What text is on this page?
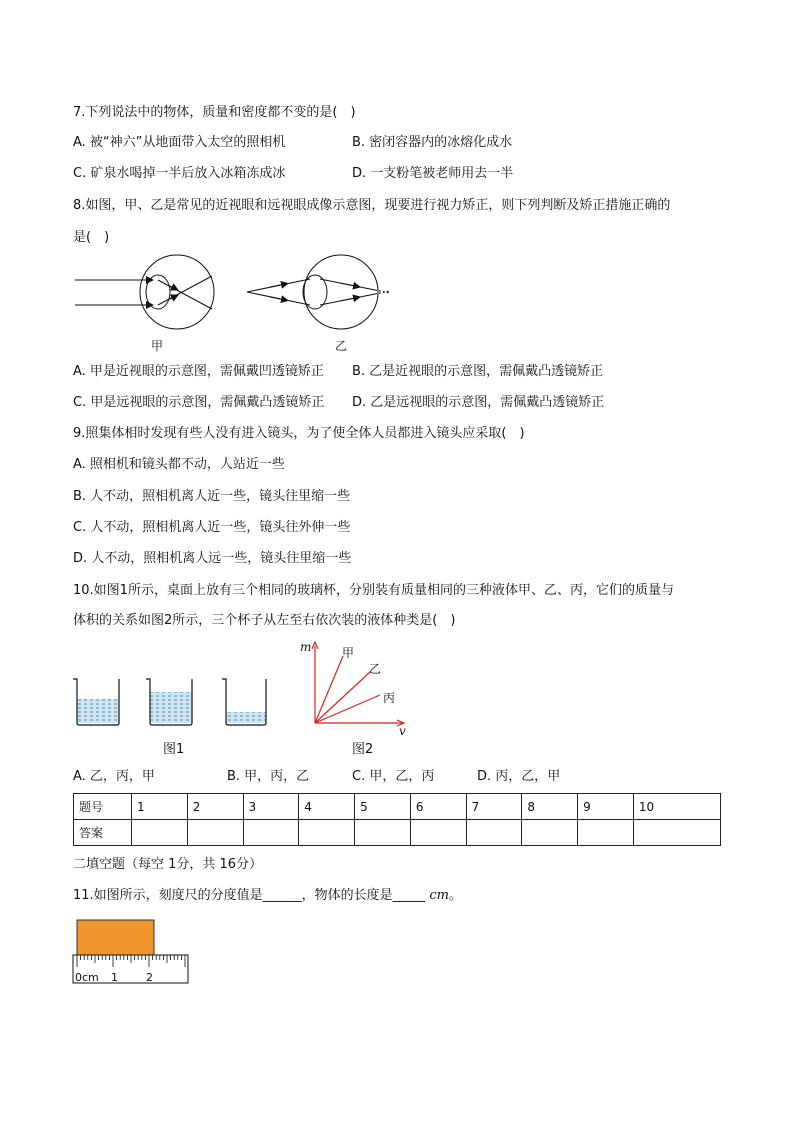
7.下列说法中的物体，质量和密度都不变的是(　)
A. 被“神六”从地面带入太空的照相机	B. 密闭容器内的冰熔化成水
C. 矿泉水喝掉一半后放入冰箱冻成冰	D. 一支粉笔被老师用去一半
8.如图，甲、乙是常见的近视眼和远视眼成像示意图，现要进行视力矫正，则下列判断及矫正措施正确的
是(　)
甲	乙
A. 甲是近视眼的示意图，需佩戴凹透镜矫正 B. 乙是近视眼的示意图，需佩戴凸透镜矫正
C. 甲是远视眼的示意图，需佩戴凸透镜矫正 D. 乙是远视眼的示意图，需佩戴凸透镜矫正
9.照集体相时发现有些人没有进入镜头，为了使全体人员都进入镜头应采取(　)
A. 照相机和镜头都不动，人站近一些
B. 人不动，照相机离人近一些，镜头往里缩一些
C. 人不动，照相机离人近一些，镜头往外伸一些
D. 人不动，照相机离人远一些，镜头往里缩一些
10.如图1所示，桌面上放有三个相同的玻璃杯，分别装有质量相同的三种液体甲、乙、丙，它们的质量与
体积的关系如图2所示，三个杯子从左至右依次装的液体种类是(　)
图1
m
v
甲
乙
丙
图2
A. 乙，丙，甲	B. 甲，丙，乙	C. 甲，乙，丙	D. 丙，乙，甲
题号	1	2	3	4	5	6	7	8	9	10
答案										
二填空题（每空 1分，共 16分）
11.如图所示，刻度尺的分度值是______，物体的长度是_____ cm。
0cm 1	2
